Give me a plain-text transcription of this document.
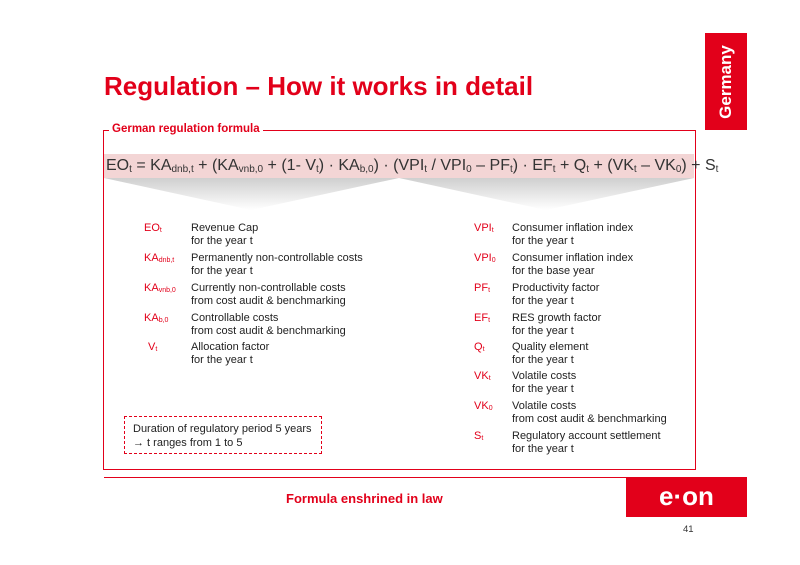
Germany
Regulation – How it works in detail
German regulation formula
$EO_t = KA_{dnb,t} + (KA_{vnb,0} + (1-$ $V_t) \cdot KA_{b,0}) \cdot (VPI_t / VPI_0 - PF_t) \cdot EF_t + Q_t + (VK_t - VK_0) + S_t$
$EO_t$	Revenue Cap
for the year t
$KA_{dnb,t}$ Permanently non-controllable costs
for the year t
$KA_{vnb,0}$ Currently non-controllable costs
from cost audit & benchmarking
$KA_{b,0}$ Controllable costs
from cost audit & benchmarking
$V_t$	Allocation factor
for the year t
$VPI_t$ Consumer inflation index
for the year t
$VPI_0$ Consumer inflation index
for the base year
$PF_t$ Productivity factor
for the year t
$EF_t$ RES growth factor
for the year t
$Q_t$ Quality element
for the year t
$VK_t$ Volatile costs
for the year t
$VK_0$ Volatile costs
from cost audit & benchmarking
$S_t$	Regulatory account settlement
for the year t
Duration of regulatory period 5 years
→ t ranges from 1 to 5
Formula enshrined in law	e·on
41
